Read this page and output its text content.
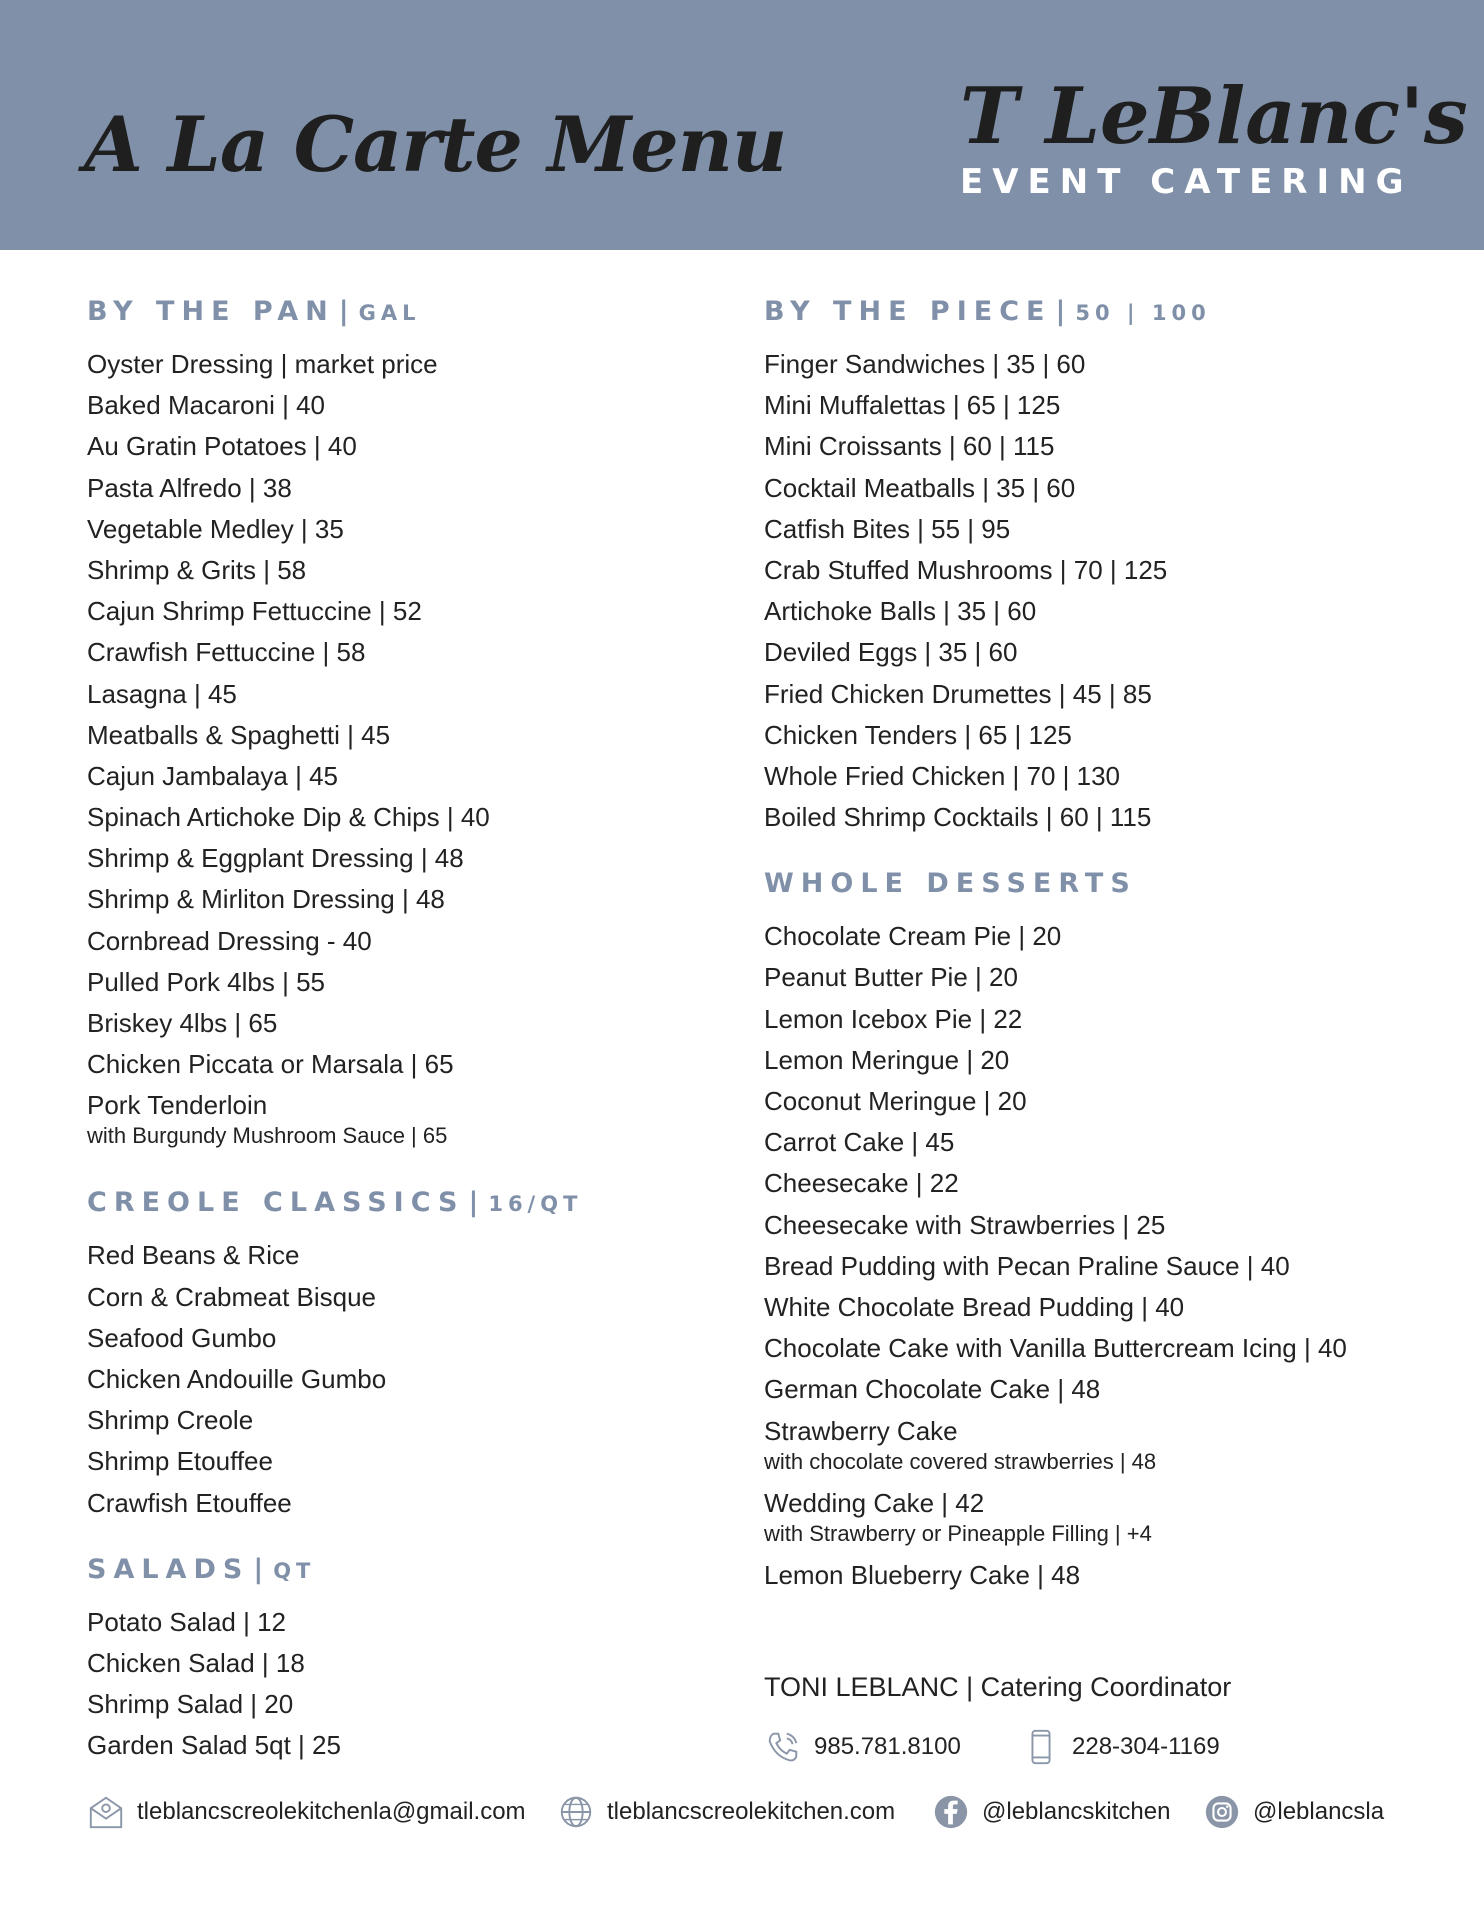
A La Carte Menu T LeBlanc's
EVENT CATERING
BY THE PAN | GAL
Oyster Dressing | market price
Baked Macaroni | 40
Au Gratin Potatoes | 40
Pasta Alfredo | 38
Vegetable Medley | 35
Shrimp & Grits | 58
Cajun Shrimp Fettuccine | 52
Crawfish Fettuccine | 58
Lasagna | 45
Meatballs & Spaghetti | 45
Cajun Jambalaya | 45
Spinach Artichoke Dip & Chips | 40
Shrimp & Eggplant Dressing | 48
Shrimp & Mirliton Dressing | 48
Cornbread Dressing - 40
Pulled Pork 4lbs | 55
Briskey 4lbs | 65
Chicken Piccata or Marsala | 65
Pork Tenderloin
with Burgundy Mushroom Sauce | 65
CREOLE CLASSICS | 16/QT
Red Beans & Rice
Corn & Crabmeat Bisque
Seafood Gumbo
Chicken Andouille Gumbo
Shrimp Creole
Shrimp Etouffee
Crawfish Etouffee
SALADS | QT
Potato Salad | 12
Chicken Salad | 18
Shrimp Salad | 20
Garden Salad 5qt | 25
BY THE PIECE | 50 | 100
Finger Sandwiches | 35 | 60
Mini Muffalettas | 65 | 125
Mini Croissants | 60 | 115
Cocktail Meatballs | 35 | 60
Catfish Bites | 55 | 95
Crab Stuffed Mushrooms | 70 | 125
Artichoke Balls | 35 | 60
Deviled Eggs | 35 | 60
Fried Chicken Drumettes | 45 | 85
Chicken Tenders | 65 | 125
Whole Fried Chicken | 70 | 130
Boiled Shrimp Cocktails | 60 | 115
WHOLE DESSERTS
Chocolate Cream Pie | 20
Peanut Butter Pie | 20
Lemon Icebox Pie | 22
Lemon Meringue | 20
Coconut Meringue | 20
Carrot Cake | 45
Cheesecake | 22
Cheesecake with Strawberries | 25
Bread Pudding with Pecan Praline Sauce | 40
White Chocolate Bread Pudding | 40
Chocolate Cake with Vanilla Buttercream Icing | 40
German Chocolate Cake | 48
Strawberry Cake
with chocolate covered strawberries | 48
Wedding Cake | 42
with Strawberry or Pineapple Filling | +4
Lemon Blueberry Cake | 48
TONI LEBLANC | Catering Coordinator
985.781.8100	228-304-1169
tleblancscreolekitchenla@gmail.com	tleblancscreolekitchen.com	@leblancskitchen	@leblancsla
